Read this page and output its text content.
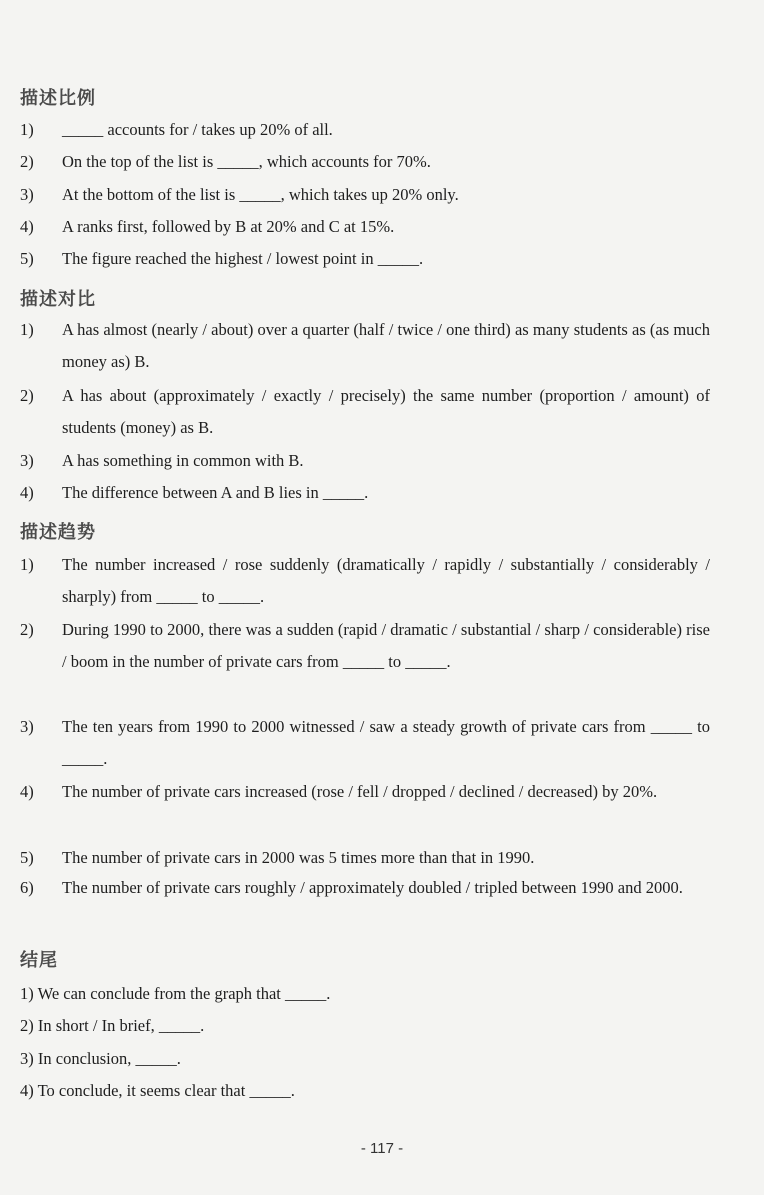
描述比例
1)	_____ accounts for / takes up 20% of all.
2)	On the top of the list is _____, which accounts for 70%.
3)	At the bottom of the list is _____, which takes up 20% only.
4)	A ranks first, followed by B at 20% and C at 15%.
5)	The figure reached the highest / lowest point in _____.
描述对比
1)	A has almost (nearly / about) over a quarter (half / twice / one third) as many students as (as much money as) B.
2)	A has about (approximately / exactly / precisely) the same number (proportion / amount) of students (money) as B.
3)	A has something in common with B.
4)	The difference between A and B lies in _____.
描述趋势
1)	The number increased / rose suddenly (dramatically / rapidly / substantially / considerably / sharply) from _____ to _____.
2)	During 1990 to 2000, there was a sudden (rapid / dramatic / substantial / sharp / considerable) rise / boom in the number of private cars from _____ to _____.
3)	The ten years from 1990 to 2000 witnessed / saw a steady growth of private cars from _____ to _____.
4)	The number of private cars increased (rose / fell / dropped / declined / decreased) by 20%.
5)	The number of private cars in 2000 was 5 times more than that in 1990.
6)	The number of private cars roughly / approximately doubled / tripled between 1990 and 2000.
结尾
1) We can conclude from the graph that _____.
2) In short / In brief, _____.
3) In conclusion, _____.
4) To conclude, it seems clear that _____.
- 117 -
